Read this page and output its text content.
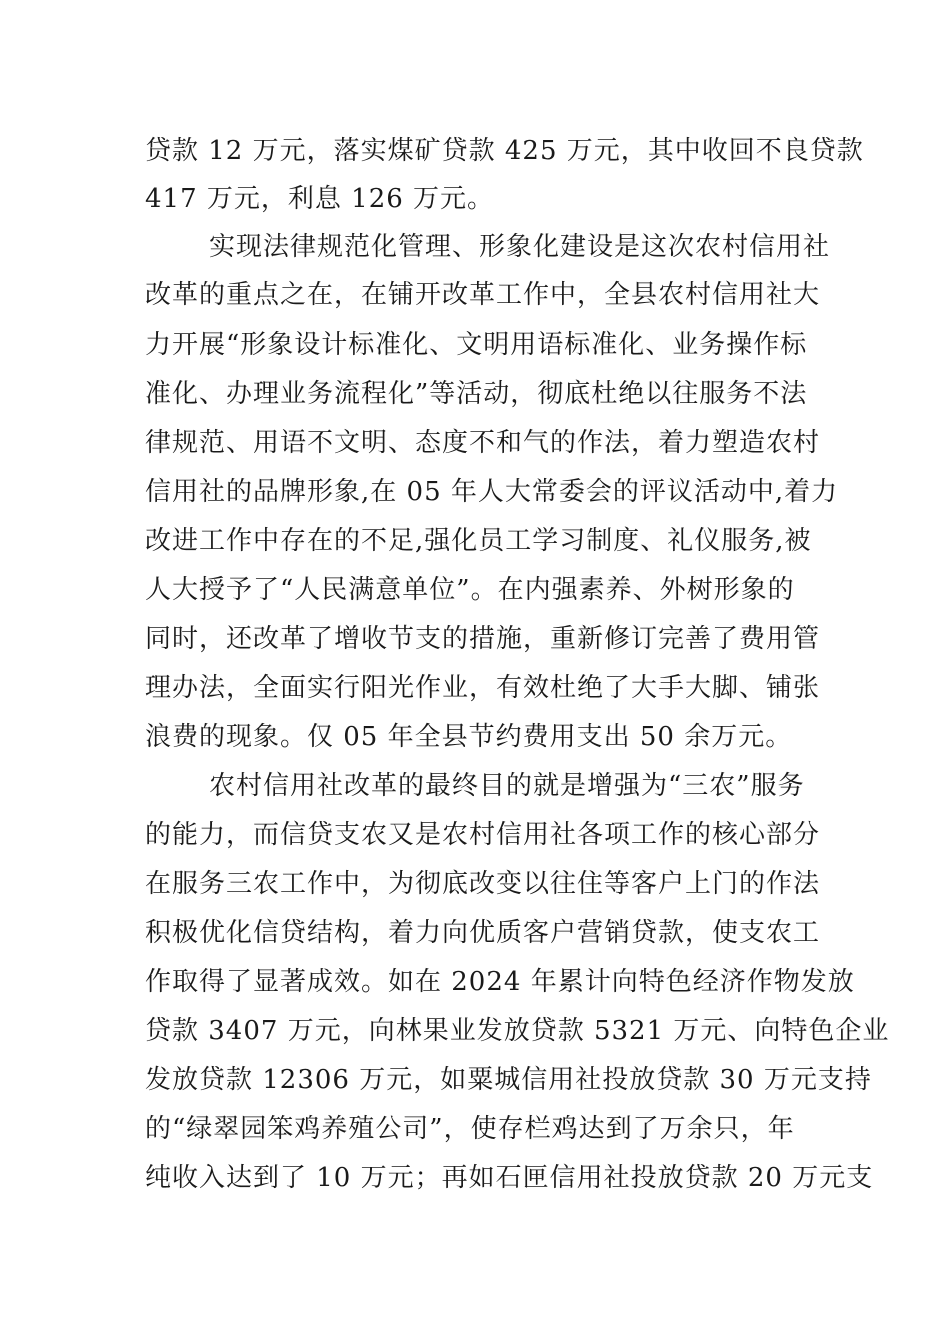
贷款 12 万元，落实煤矿贷款 425 万元，其中收回不良贷款
417 万元，利息 126 万元。
实现法律规范化管理、形象化建设是这次农村信用社
改革的重点之在，在铺开改革工作中，全县农村信用社大
力开展“形象设计标准化、文明用语标准化、业务操作标
准化、办理业务流程化”等活动，彻底杜绝以往服务不法
律规范、用语不文明、态度不和气的作法，着力塑造农村
信用社的品牌形象,在 05 年人大常委会的评议活动中,着力
改进工作中存在的不足,强化员工学习制度、礼仪服务,被
人大授予了“人民满意单位”。在内强素养、外树形象的
同时，还改革了增收节支的措施，重新修订完善了费用管
理办法，全面实行阳光作业，有效杜绝了大手大脚、铺张
浪费的现象。仅 05 年全县节约费用支出 50 余万元。
农村信用社改革的最终目的就是增强为“三农”服务
的能力，而信贷支农又是农村信用社各项工作的核心部分
在服务三农工作中，为彻底改变以往住等客户上门的作法
积极优化信贷结构，着力向优质客户营销贷款，使支农工
作取得了显著成效。如在 2024 年累计向特色经济作物发放
贷款 3407 万元，向林果业发放贷款 5321 万元、向特色企业
发放贷款 12306 万元，如粟城信用社投放贷款 30 万元支持
的“绿翠园笨鸡养殖公司”，使存栏鸡达到了万余只，年
纯收入达到了 10 万元；再如石匣信用社投放贷款 20 万元支
